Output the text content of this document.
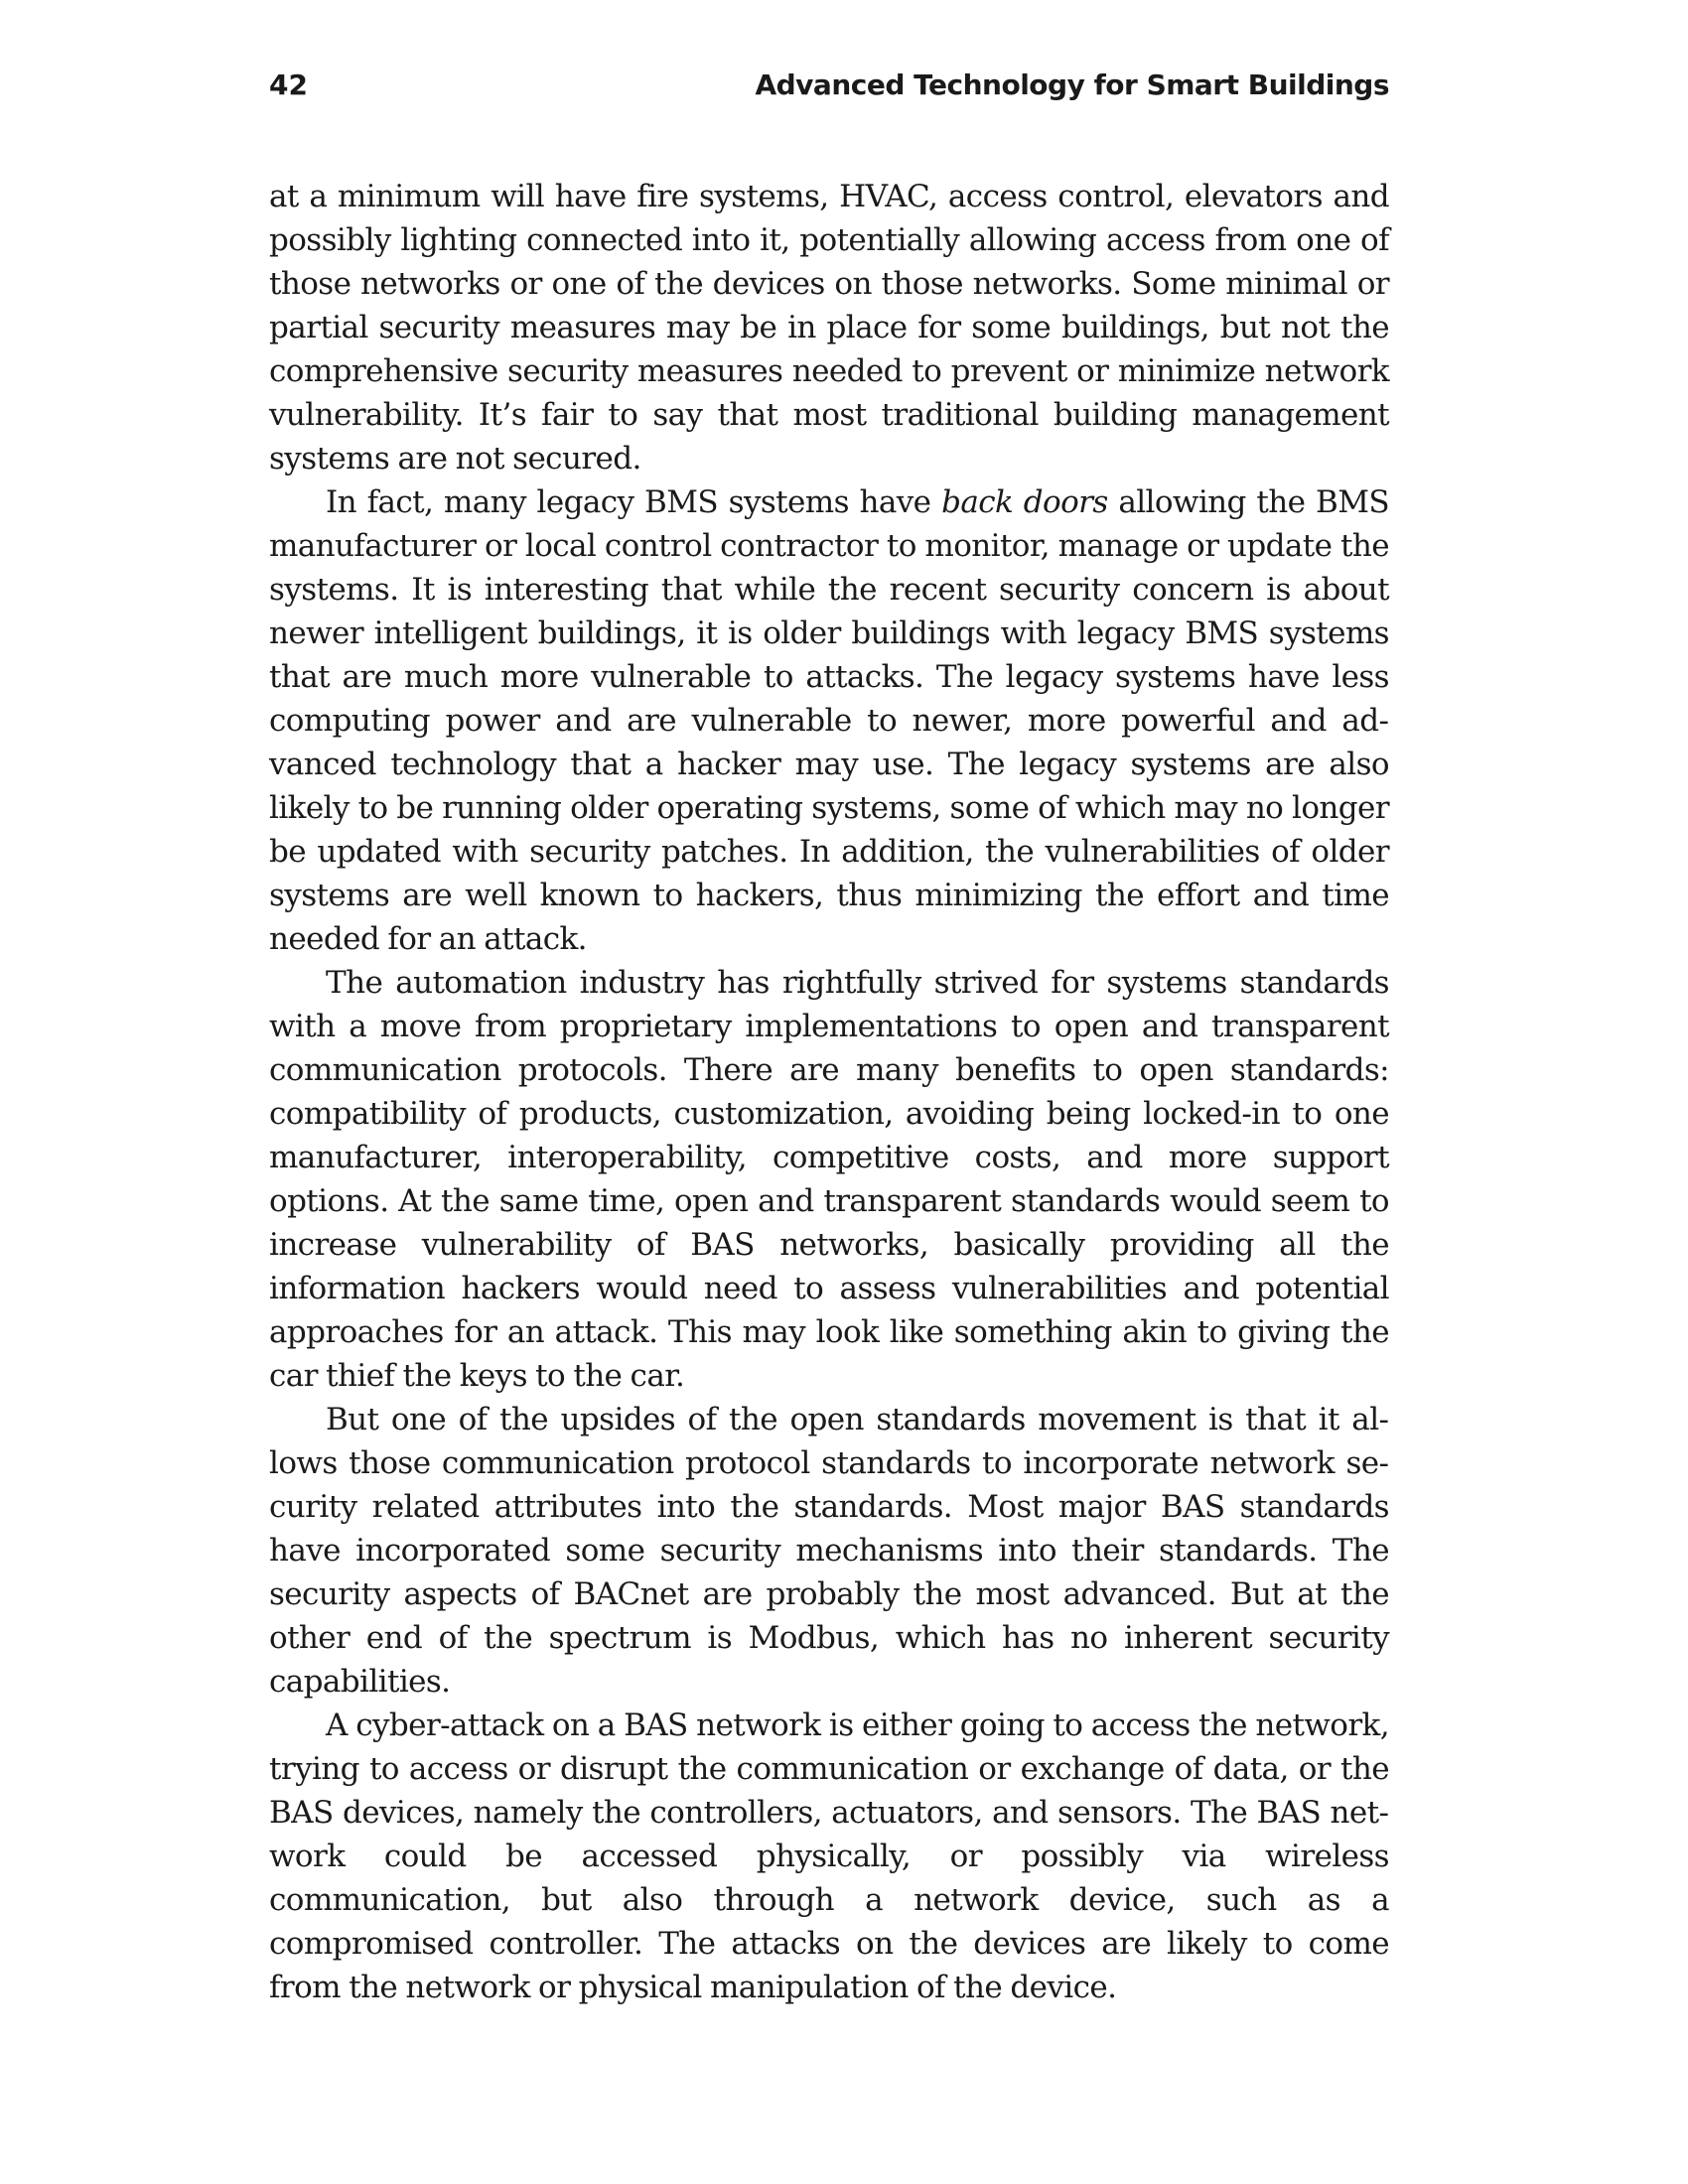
42	Advanced Technology for Smart Buildings

at a minimum will have fire systems, HVAC, access control, elevators and possibly lighting connected into it, potentially allowing access from one of those networks or one of the devices on those networks. Some minimal or partial security measures may be in place for some buildings, but not the comprehensive security measures needed to prevent or minimize network vulnerability. It’s fair to say that most traditional building management systems are not secured.

In fact, many legacy BMS systems have back doors allowing the BMS manufacturer or local control contractor to monitor, manage or update the systems. It is interesting that while the recent security concern is about newer intelligent buildings, it is older buildings with legacy BMS systems that are much more vulnerable to attacks. The legacy systems have less computing power and are vulnerable to newer, more powerful and advanced technology that a hacker may use. The legacy systems are also likely to be running older operating systems, some of which may no longer be updated with security patches. In addition, the vulnerabilities of older systems are well known to hackers, thus minimizing the effort and time needed for an attack.

The automation industry has rightfully strived for systems standards with a move from proprietary implementations to open and transparent communication protocols. There are many benefits to open standards: compatibility of products, customization, avoiding being locked-in to one manufacturer, interoperability, competitive costs, and more support options. At the same time, open and transparent standards would seem to increase vulnerability of BAS networks, basically providing all the information hackers would need to assess vulnerabilities and potential approaches for an attack. This may look like something akin to giving the car thief the keys to the car.

But one of the upsides of the open standards movement is that it allows those communication protocol standards to incorporate network security related attributes into the standards. Most major BAS standards have incorporated some security mechanisms into their standards. The security aspects of BACnet are probably the most advanced. But at the other end of the spectrum is Modbus, which has no inherent security capabilities.

A cyber-attack on a BAS network is either going to access the network, trying to access or disrupt the communication or exchange of data, or the BAS devices, namely the controllers, actuators, and sensors. The BAS network could be accessed physically, or possibly via wireless communication, but also through a network device, such as a compromised controller. The attacks on the devices are likely to come from the network or physical manipulation of the device.
